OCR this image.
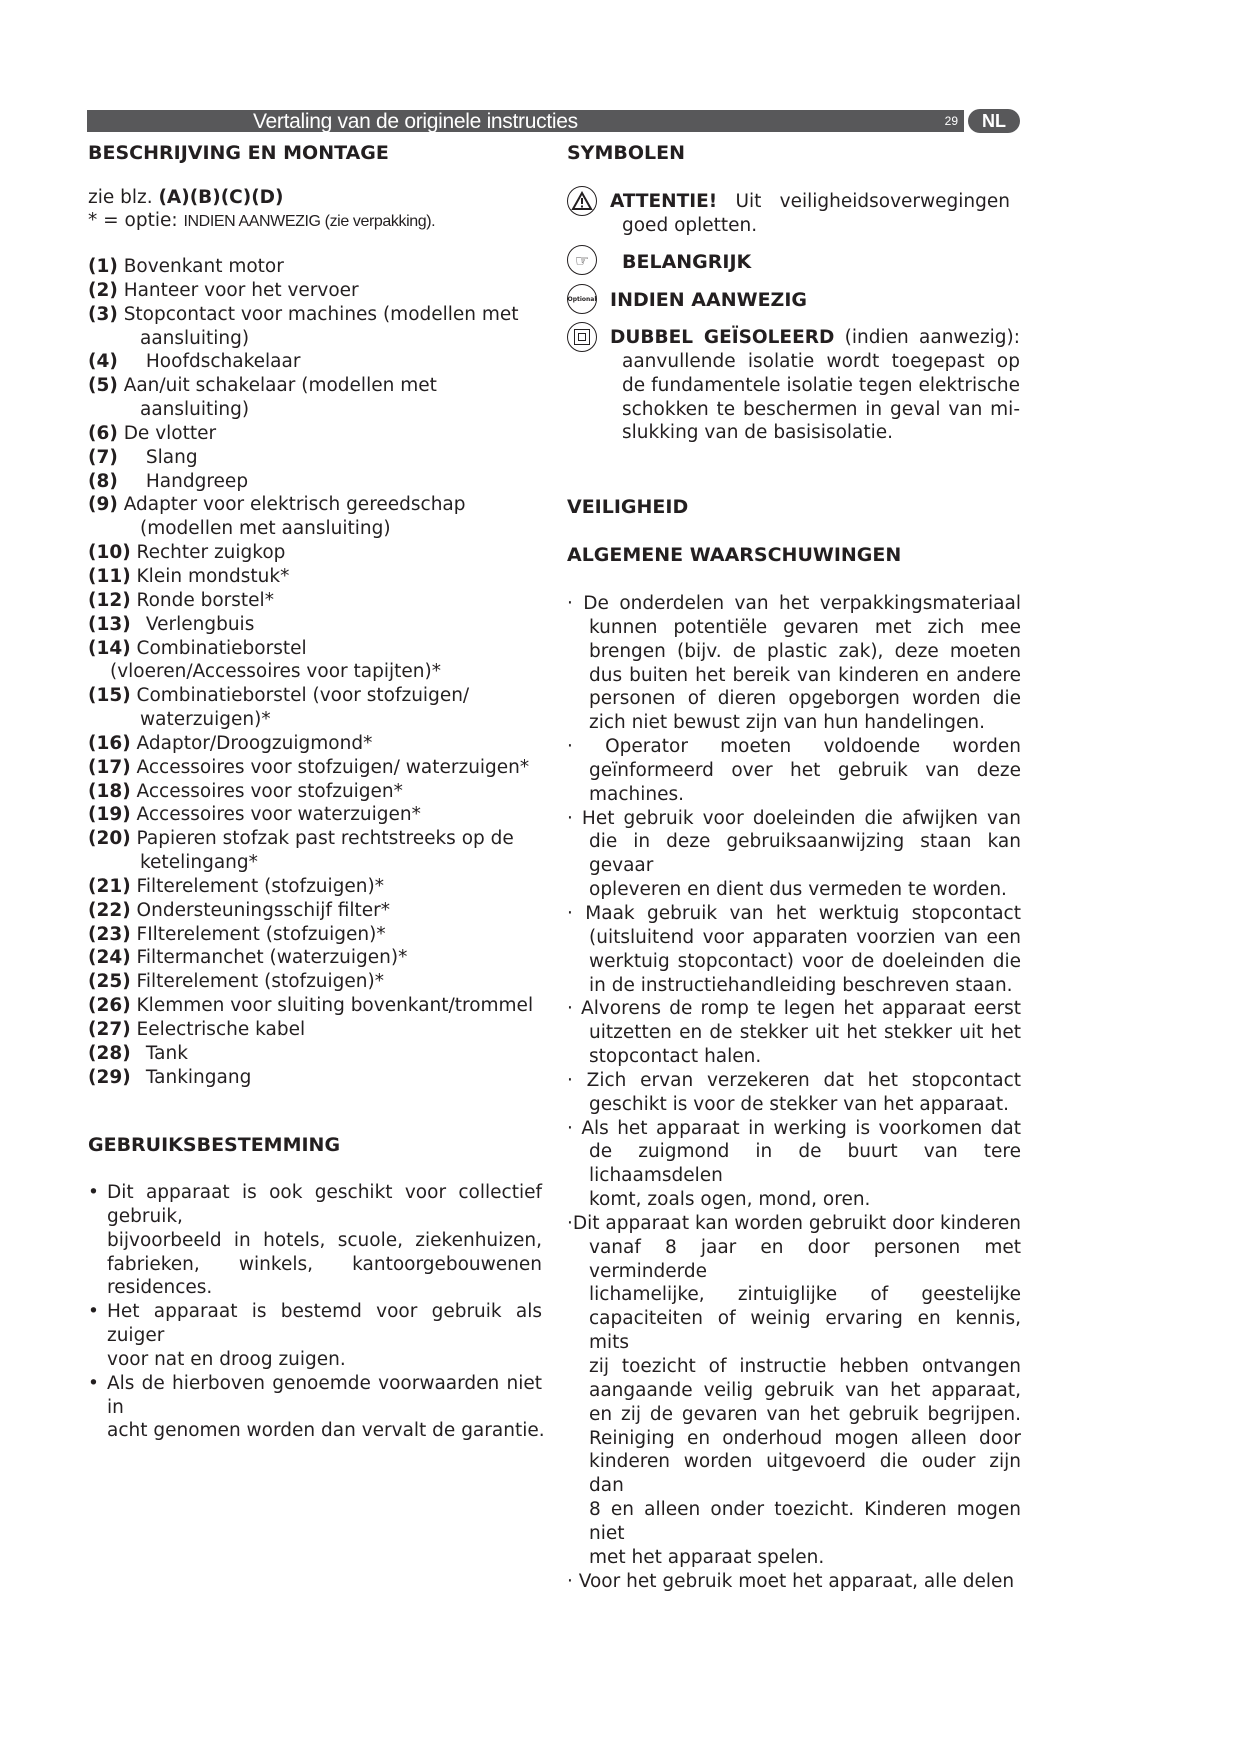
Vertaling van de originele instructies	29	NL
BESCHRIJVING EN MONTAGE
zie blz. (A)(B)(C)(D)
* = optie: INDIEN AANWEZIG (zie verpakking).
(1) Bovenkant motor
(2) Hanteer voor het vervoer
(3) Stopcontact voor machines (modellen met
aansluiting)
(4) Hoofdschakelaar
(5) Aan/uit schakelaar (modellen met
aansluiting)
(6) De vlotter
(7) Slang
(8) Handgreep
(9) Adapter voor elektrisch gereedschap
(modellen met aansluiting)
(10) Rechter zuigkop
(11) Klein mondstuk*
(12) Ronde borstel*
(13) Verlengbuis
(14) Combinatieborstel
(vloeren/Accessoires voor tapijten)*
(15) Combinatieborstel (voor stofzuigen/
waterzuigen)*
(16) Adaptor/Droogzuigmond*
(17) Accessoires voor stofzuigen/ waterzuigen*
(18) Accessoires voor stofzuigen*
(19) Accessoires voor waterzuigen*
(20) Papieren stofzak past rechtstreeks op de
ketelingang*
(21) Filterelement (stofzuigen)*
(22) Ondersteuningsschijf filter*
(23) FIlterelement (stofzuigen)*
(24) Filtermanchet (waterzuigen)*
(25) Filterelement (stofzuigen)*
(26) Klemmen voor sluiting bovenkant/trommel
(27) Eelectrische kabel
(28) Tank
(29) Tankingang
GEBRUIKSBESTEMMING
• Dit apparaat is ook geschikt voor collectief gebruik,
bijvoorbeeld in hotels, scuole, ziekenhuizen,
fabrieken, winkels, kantoorgebouwenen
residences.
• Het apparaat is bestemd voor gebruik als zuiger
voor nat en droog zuigen.
• Als de hierboven genoemde voorwaarden niet in
acht genomen worden dan vervalt de garantie.
SYMBOLEN
ATTENTIE! Uit veiligheidsoverwegingen
goed opletten.
☞ BELANGRIJK
Optional INDIEN AANWEZIG
DUBBEL GEÏSOLEERD (indien aanwezig):
aanvullende isolatie wordt toegepast op
de fundamentele isolatie tegen elektrische
schokken te beschermen in geval van mi-
slukking van de basisisolatie.
VEILIGHEID
ALGEMENE WAARSCHUWINGEN
· De onderdelen van het verpakkingsmateriaal
kunnen potentiële gevaren met zich mee
brengen (bijv. de plastic zak), deze moeten
dus buiten het bereik van kinderen en andere
personen of dieren opgeborgen worden die
zich niet bewust zijn van hun handelingen.
· Operator moeten voldoende worden
geïnformeerd over het gebruik van deze
machines.
· Het gebruik voor doeleinden die afwijken van
die in deze gebruiksaanwijzing staan kan gevaar
opleveren en dient dus vermeden te worden.
· Maak gebruik van het werktuig stopcontact
(uitsluitend voor apparaten voorzien van een
werktuig stopcontact) voor de doeleinden die
in de instructiehandleiding beschreven staan.
· Alvorens de romp te legen het apparaat eerst
uitzetten en de stekker uit het stekker uit het
stopcontact halen.
· Zich ervan verzekeren dat het stopcontact
geschikt is voor de stekker van het apparaat.
· Als het apparaat in werking is voorkomen dat
de zuigmond in de buurt van tere lichaamsdelen
komt, zoals ogen, mond, oren.
·Dit apparaat kan worden gebruikt door kinderen
vanaf 8 jaar en door personen met verminderde
lichamelijke, zintuiglijke of geestelijke
capaciteiten of weinig ervaring en kennis, mits
zij toezicht of instructie hebben ontvangen
aangaande veilig gebruik van het apparaat,
en zij de gevaren van het gebruik begrijpen.
Reiniging en onderhoud mogen alleen door
kinderen worden uitgevoerd die ouder zijn dan
8 en alleen onder toezicht. Kinderen mogen niet
met het apparaat spelen.
· Voor het gebruik moet het apparaat, alle delen
